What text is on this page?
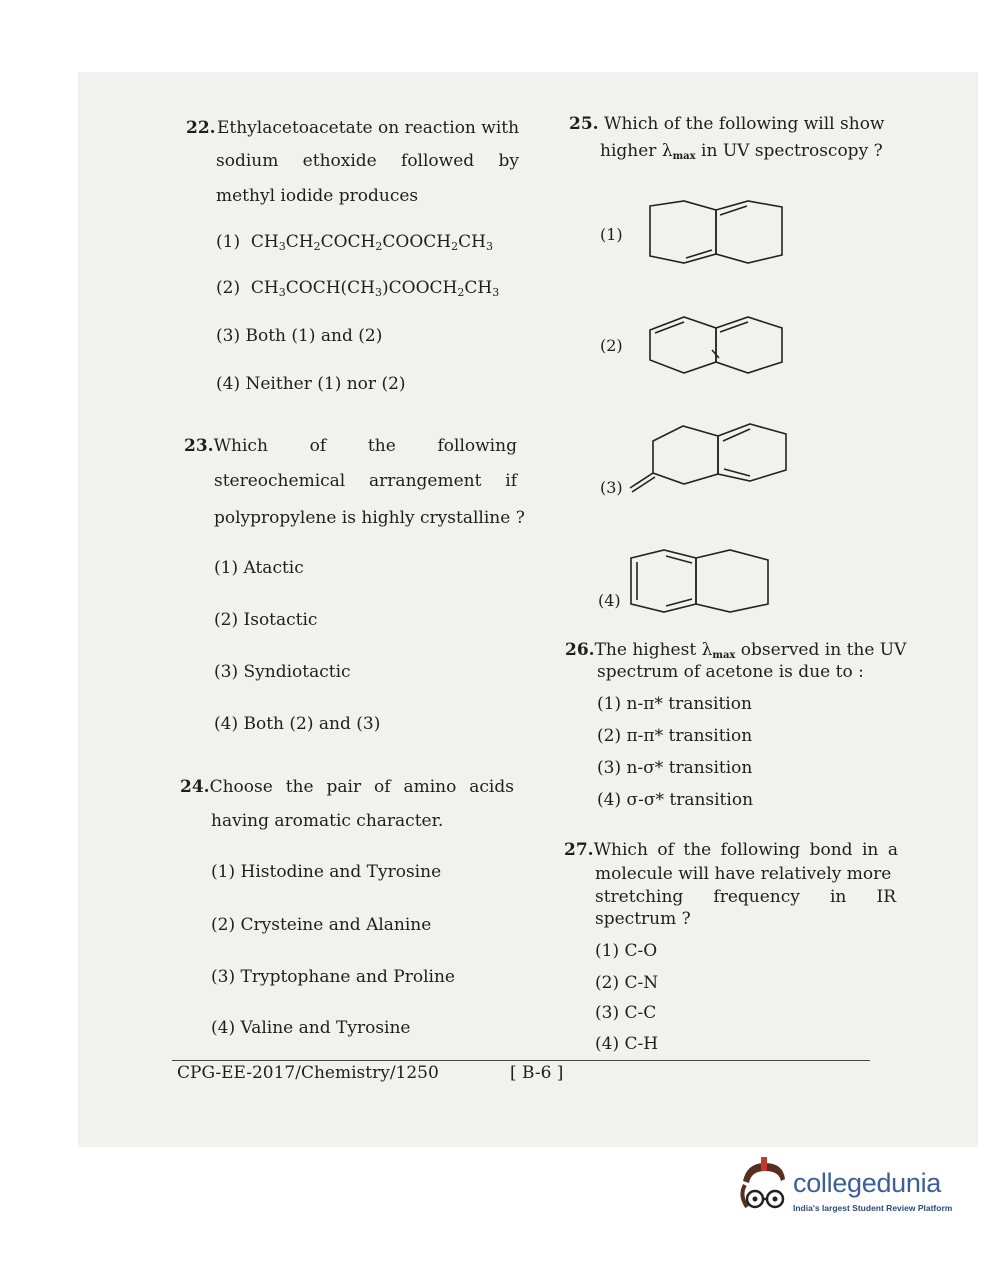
22. Ethylacetoacetate on reaction with
sodium ethoxide followed by
methyl iodide produces
(1)  $CH_3CH_2COCH_2COOCH_2CH_3$
(2)  $CH_3COCH(CH_3)COOCH_2CH_3$
(3) Both (1) and (2)
(4) Neither (1) nor (2)
23.Which of the following
stereochemical arrangement if
polypropylene is highly crystalline ?
(1) Atactic
(2) Isotactic
(3) Syndiotactic
(4) Both (2) and (3)
24.Choose the pair of amino acids
having aromatic character.
(1) Histodine and Tyrosine
(2) Crysteine and Alanine
(3) Tryptophane and Proline
(4) Valine and Tyrosine
25. Which of the following will show
higher $\lambda_{max}$ in UV spectroscopy ?
(1)
(2)
(3)
(4)
26.The highest $\lambda_{max}$ observed in the UV
spectrum of acetone is due to :
(1) n-π* transition
(2) π-π* transition
(3) n-σ* transition
(4) σ-σ* transition
27.Which of the following bond in a
molecule will have relatively more
stretching frequency in IR
spectrum ?
(1) C-O
(2) C-N
(3) C-C
(4) C-H
CPG-EE-2017/Chemistry/1250	[ B-6 ]
collegedunia
India's largest Student Review Platform
